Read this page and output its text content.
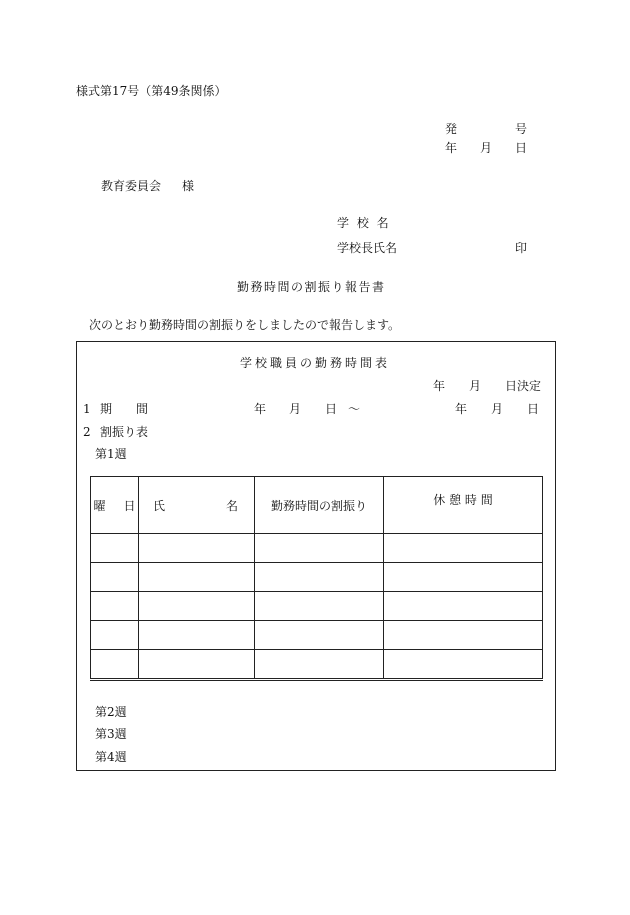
様式第17号（第49条関係）
発	号
年 月 日
教育委員会 様
学 校 名
学校長氏名	印
勤務時間の割振り報告書
次のとおり勤務時間の割振りをしましたので報告します。
学校職員の勤務時間表
年 月 日決定
1 期 間	年 月 日 〜	年 月 日
2 割振り表
第1週
曜 日	氏 名	勤務時間の割振り	休 憩 時 間

第2週
第3週
第4週
